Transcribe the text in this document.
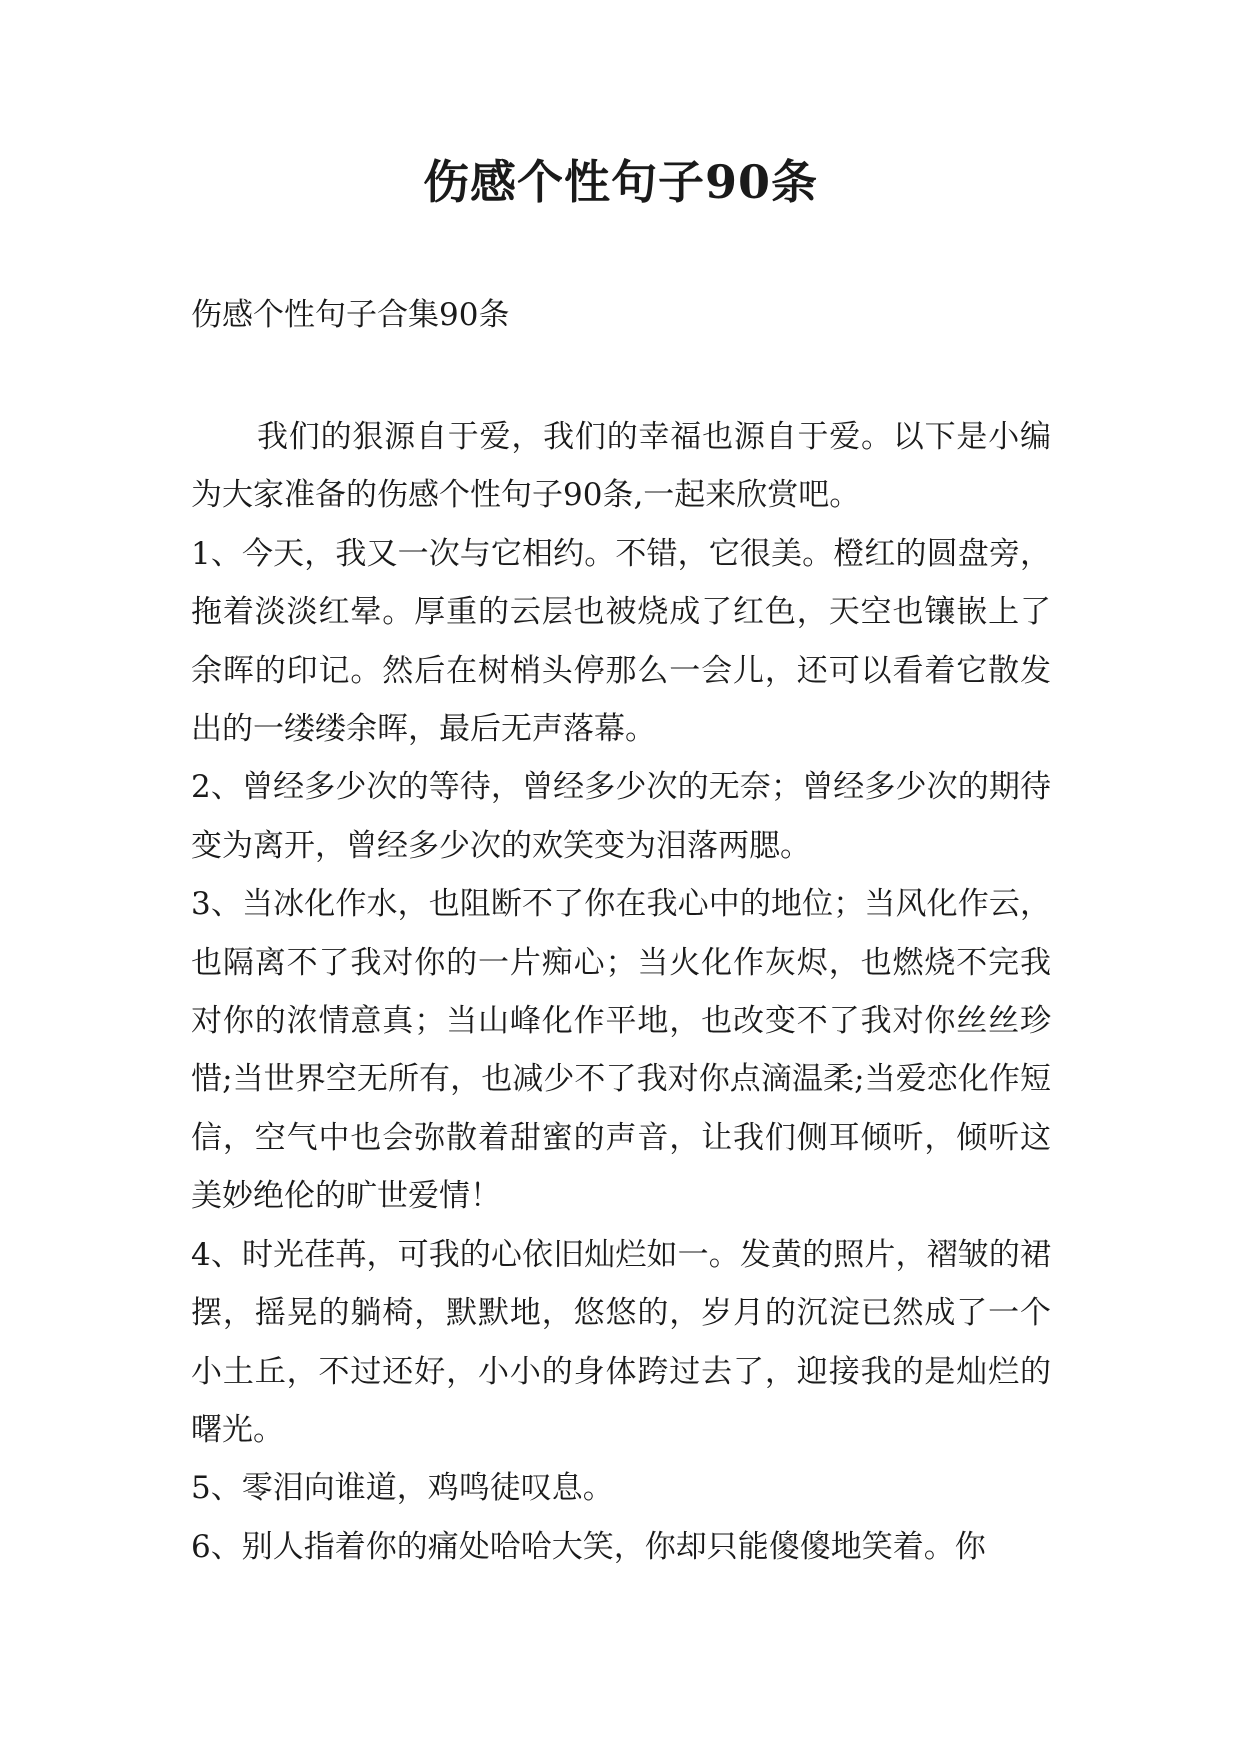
伤感个性句子90条

伤感个性句子合集90条

我们的狠源自于爱，我们的幸福也源自于爱。以下是小编为大家准备的伤感个性句子90条,一起来欣赏吧。

1、今天，我又一次与它相约。不错，它很美。橙红的圆盘旁，拖着淡淡红晕。厚重的云层也被烧成了红色，天空也镶嵌上了余晖的印记。然后在树梢头停那么一会儿，还可以看着它散发出的一缕缕余晖，最后无声落幕。

2、曾经多少次的等待，曾经多少次的无奈；曾经多少次的期待变为离开，曾经多少次的欢笑变为泪落两腮。

3、当冰化作水，也阻断不了你在我心中的地位；当风化作云，也隔离不了我对你的一片痴心；当火化作灰烬，也燃烧不完我对你的浓情意真；当山峰化作平地，也改变不了我对你丝丝珍惜;当世界空无所有，也减少不了我对你点滴温柔;当爱恋化作短信，空气中也会弥散着甜蜜的声音，让我们侧耳倾听，倾听这美妙绝伦的旷世爱情！

4、时光荏苒，可我的心依旧灿烂如一。发黄的照片，褶皱的裙摆，摇晃的躺椅，默默地，悠悠的，岁月的沉淀已然成了一个小土丘，不过还好，小小的身体跨过去了，迎接我的是灿烂的曙光。

5、零泪向谁道，鸡鸣徒叹息。

6、别人指着你的痛处哈哈大笑，你却只能傻傻地笑着。你
